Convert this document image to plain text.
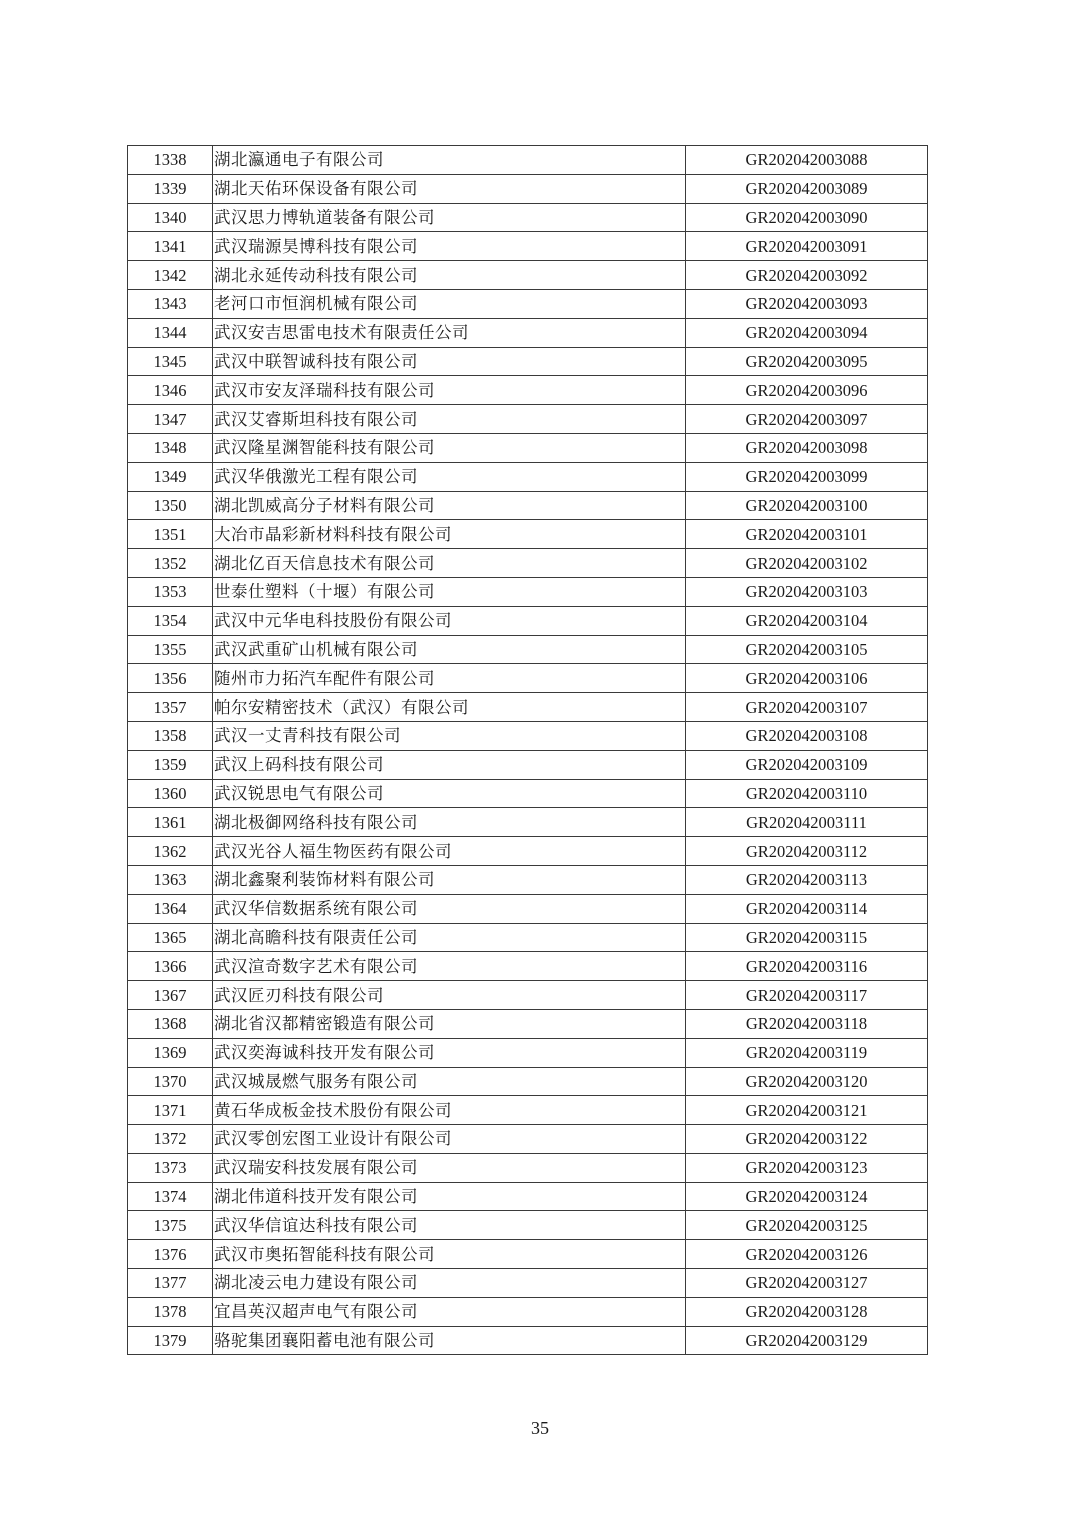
1338	湖北瀛通电子有限公司	GR202042003088
1339	湖北天佑环保设备有限公司	GR202042003089
1340	武汉思力博轨道装备有限公司	GR202042003090
1341	武汉瑞源昊博科技有限公司	GR202042003091
1342	湖北永延传动科技有限公司	GR202042003092
1343	老河口市恒润机械有限公司	GR202042003093
1344	武汉安吉思雷电技术有限责任公司	GR202042003094
1345	武汉中联智诚科技有限公司	GR202042003095
1346	武汉市安友泽瑞科技有限公司	GR202042003096
1347	武汉艾睿斯坦科技有限公司	GR202042003097
1348	武汉隆星渊智能科技有限公司	GR202042003098
1349	武汉华俄激光工程有限公司	GR202042003099
1350	湖北凯威高分子材料有限公司	GR202042003100
1351	大冶市晶彩新材料科技有限公司	GR202042003101
1352	湖北亿百天信息技术有限公司	GR202042003102
1353	世泰仕塑料（十堰）有限公司	GR202042003103
1354	武汉中元华电科技股份有限公司	GR202042003104
1355	武汉武重矿山机械有限公司	GR202042003105
1356	随州市力拓汽车配件有限公司	GR202042003106
1357	帕尔安精密技术（武汉）有限公司	GR202042003107
1358	武汉一丈青科技有限公司	GR202042003108
1359	武汉上码科技有限公司	GR202042003109
1360	武汉锐思电气有限公司	GR202042003110
1361	湖北极御网络科技有限公司	GR202042003111
1362	武汉光谷人福生物医药有限公司	GR202042003112
1363	湖北鑫聚利装饰材料有限公司	GR202042003113
1364	武汉华信数据系统有限公司	GR202042003114
1365	湖北高瞻科技有限责任公司	GR202042003115
1366	武汉渲奇数字艺术有限公司	GR202042003116
1367	武汉匠刃科技有限公司	GR202042003117
1368	湖北省汉都精密锻造有限公司	GR202042003118
1369	武汉奕海诚科技开发有限公司	GR202042003119
1370	武汉城晟燃气服务有限公司	GR202042003120
1371	黄石华成板金技术股份有限公司	GR202042003121
1372	武汉零创宏图工业设计有限公司	GR202042003122
1373	武汉瑞安科技发展有限公司	GR202042003123
1374	湖北伟道科技开发有限公司	GR202042003124
1375	武汉华信谊达科技有限公司	GR202042003125
1376	武汉市奥拓智能科技有限公司	GR202042003126
1377	湖北凌云电力建设有限公司	GR202042003127
1378	宜昌英汉超声电气有限公司	GR202042003128
1379	骆驼集团襄阳蓄电池有限公司	GR202042003129
35
